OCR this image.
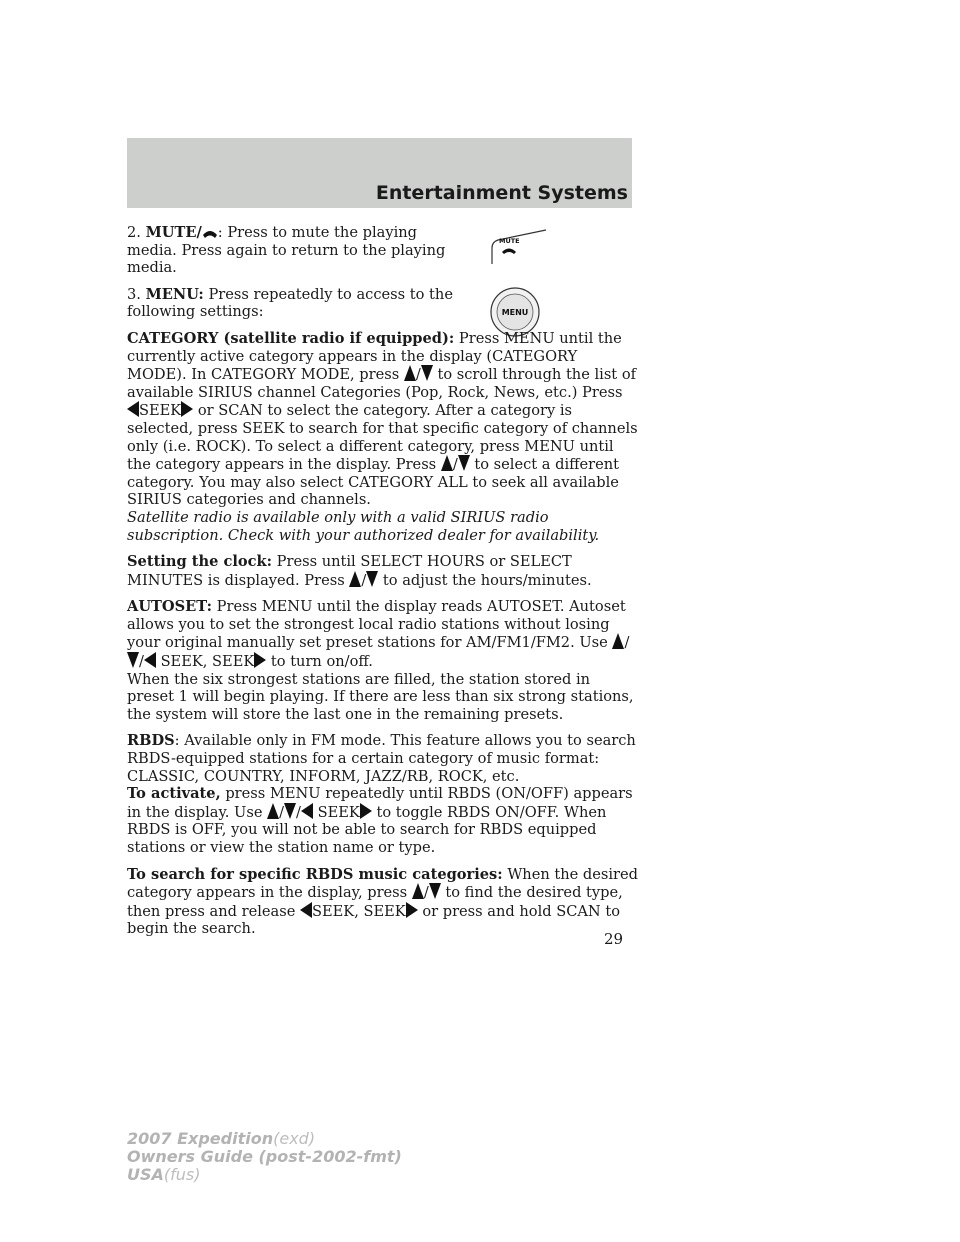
Entertainment Systems
MUTE
MENU

2. MUTE/ : Press to mute the playing media. Press again to return to the playing media.

3. MENU: Press repeatedly to access to the following settings:

CATEGORY (satellite radio if equipped): Press MENU until the currently active category appears in the display (CATEGORY MODE). In CATEGORY MODE, press / to scroll through the list of available SIRIUS channel Categories (Pop, Rock, News, etc.) Press
SEEK or SCAN to select the category. After a category is selected, press SEEK to search for that specific category of channels only (i.e. ROCK). To select a different category, press MENU until the category appears in the display. Press / to select a different category. You may also select CATEGORY ALL to seek all available SIRIUS categories and channels.

Satellite radio is available only with a valid SIRIUS radio subscription. Check with your authorized dealer for availability.

Setting the clock: Press until SELECT HOURS or SELECT MINUTES is displayed. Press / to adjust the hours/minutes.

AUTOSET: Press MENU until the display reads AUTOSET. Autoset allows you to set the strongest local radio stations without losing your original manually set preset stations for AM/FM1/FM2. Use /
/ SEEK, SEEK to turn on/off.

When the six strongest stations are filled, the station stored in preset 1 will begin playing. If there are less than six strong stations, the system will store the last one in the remaining presets.

RBDS: Available only in FM mode. This feature allows you to search RBDS-equipped stations for a certain category of music format: CLASSIC, COUNTRY, INFORM, JAZZ/RB, ROCK, etc.

To activate, press MENU repeatedly until RBDS (ON/OFF) appears in the display. Use / / SEEK to toggle RBDS ON/OFF. When RBDS is OFF, you will not be able to search for RBDS equipped stations or view the station name or type.

To search for specific RBDS music categories: When the desired category appears in the display, press / to find the desired type, then press and release SEEK, SEEK or press and hold SCAN to begin the search.

29
2007 Expedition(exd)
Owners Guide (post-2002-fmt)
USA(fus)
